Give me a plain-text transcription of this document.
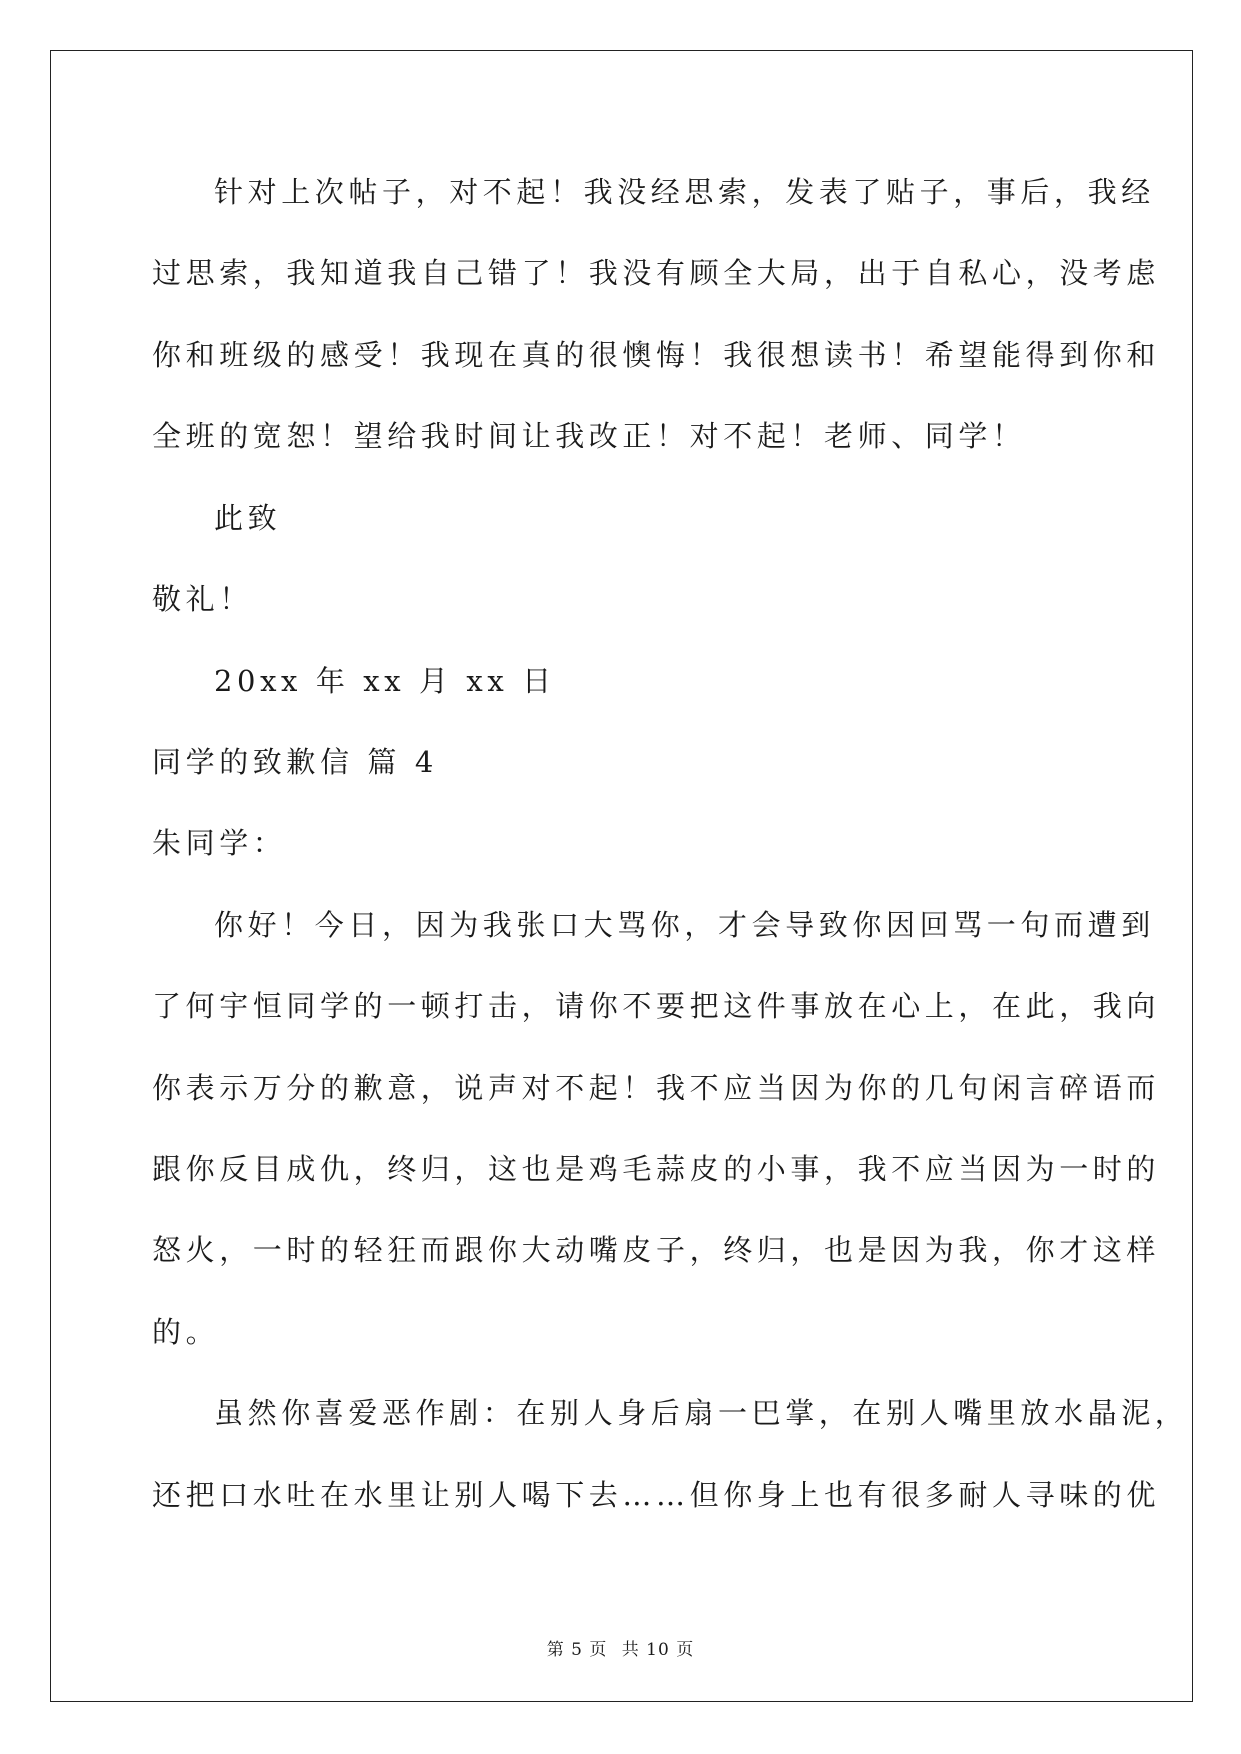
针对上次帖子，对不起！我没经思索，发表了贴子，事后，我经
过思索，我知道我自己错了！我没有顾全大局，出于自私心，没考虑
你和班级的感受！我现在真的很懊悔！我很想读书！希望能得到你和
全班的宽恕！望给我时间让我改正！对不起！老师、同学！
此致
敬礼！
20xx 年 xx 月 xx 日
同学的致歉信 篇 4
朱同学：
你好！今日，因为我张口大骂你，才会导致你因回骂一句而遭到
了何宇恒同学的一顿打击，请你不要把这件事放在心上，在此，我向
你表示万分的歉意，说声对不起！我不应当因为你的几句闲言碎语而
跟你反目成仇，终归，这也是鸡毛蒜皮的小事，我不应当因为一时的
怒火，一时的轻狂而跟你大动嘴皮子，终归，也是因为我，你才这样
的。
虽然你喜爱恶作剧：在别人身后扇一巴掌，在别人嘴里放水晶泥，
还把口水吐在水里让别人喝下去……但你身上也有很多耐人寻味的优
第 5 页 共 10 页
